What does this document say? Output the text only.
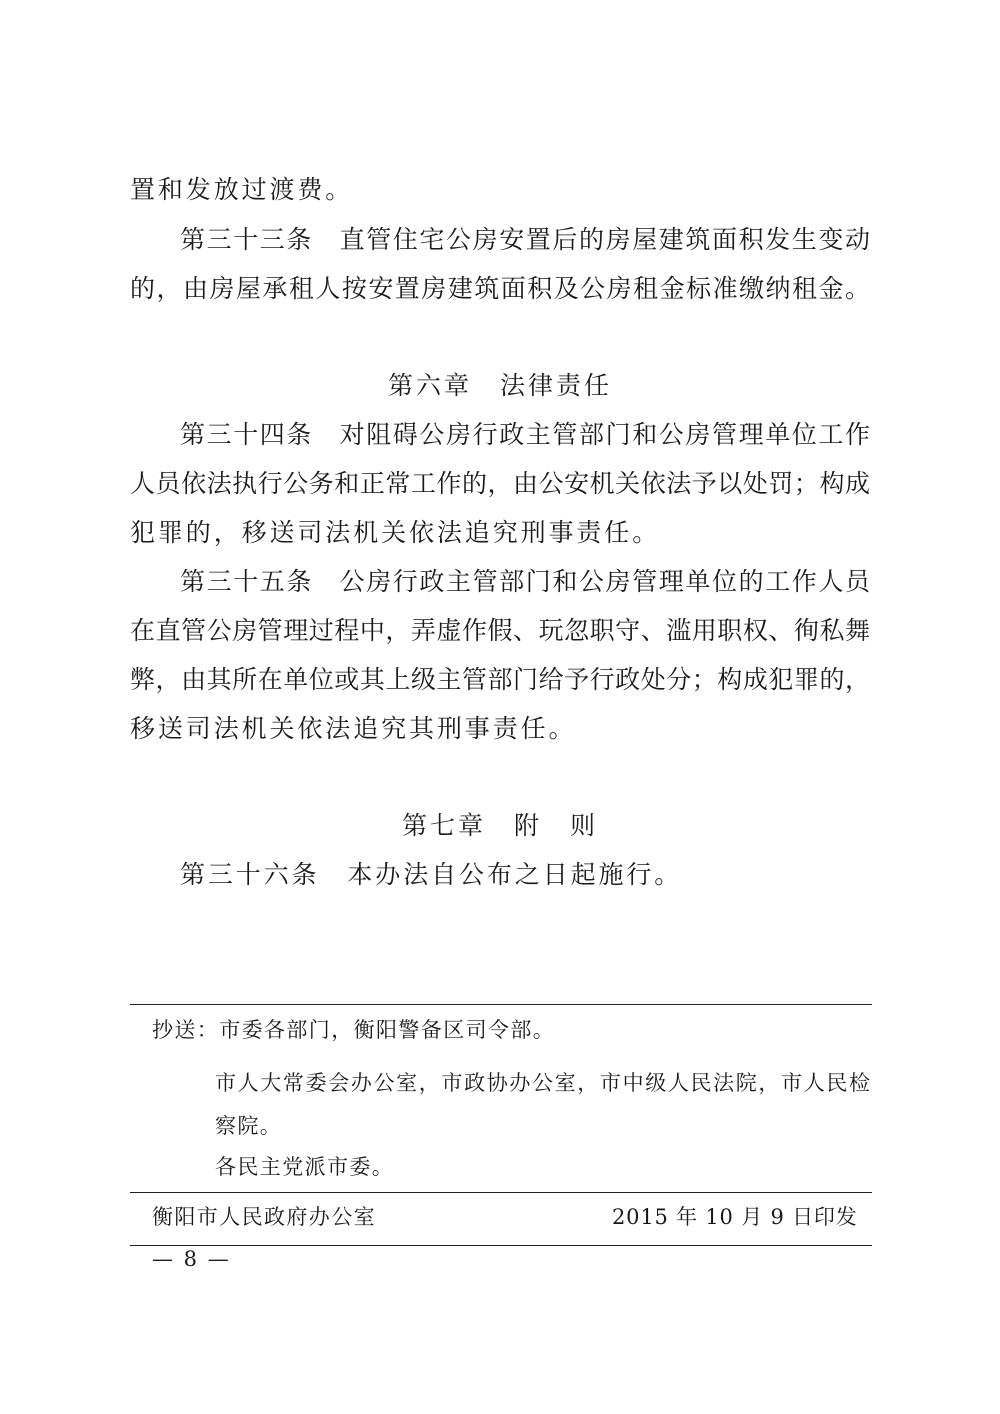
置和发放过渡费。
第三十三条　直管住宅公房安置后的房屋建筑面积发生变动
的，由房屋承租人按安置房建筑面积及公房租金标准缴纳租金。
第六章　法律责任
第三十四条　对阻碍公房行政主管部门和公房管理单位工作
人员依法执行公务和正常工作的，由公安机关依法予以处罚；构成
犯罪的，移送司法机关依法追究刑事责任。
第三十五条　公房行政主管部门和公房管理单位的工作人员
在直管公房管理过程中，弄虚作假、玩忽职守、滥用职权、徇私舞
弊，由其所在单位或其上级主管部门给予行政处分；构成犯罪的，
移送司法机关依法追究其刑事责任。
第七章　附　则
第三十六条　本办法自公布之日起施行。
抄送：市委各部门，衡阳警备区司令部。
市人大常委会办公室，市政协办公室，市中级人民法院，市人民检
察院。
各民主党派市委。
衡阳市人民政府办公室	2015 年 10 月 9 日印发
— 8 —
